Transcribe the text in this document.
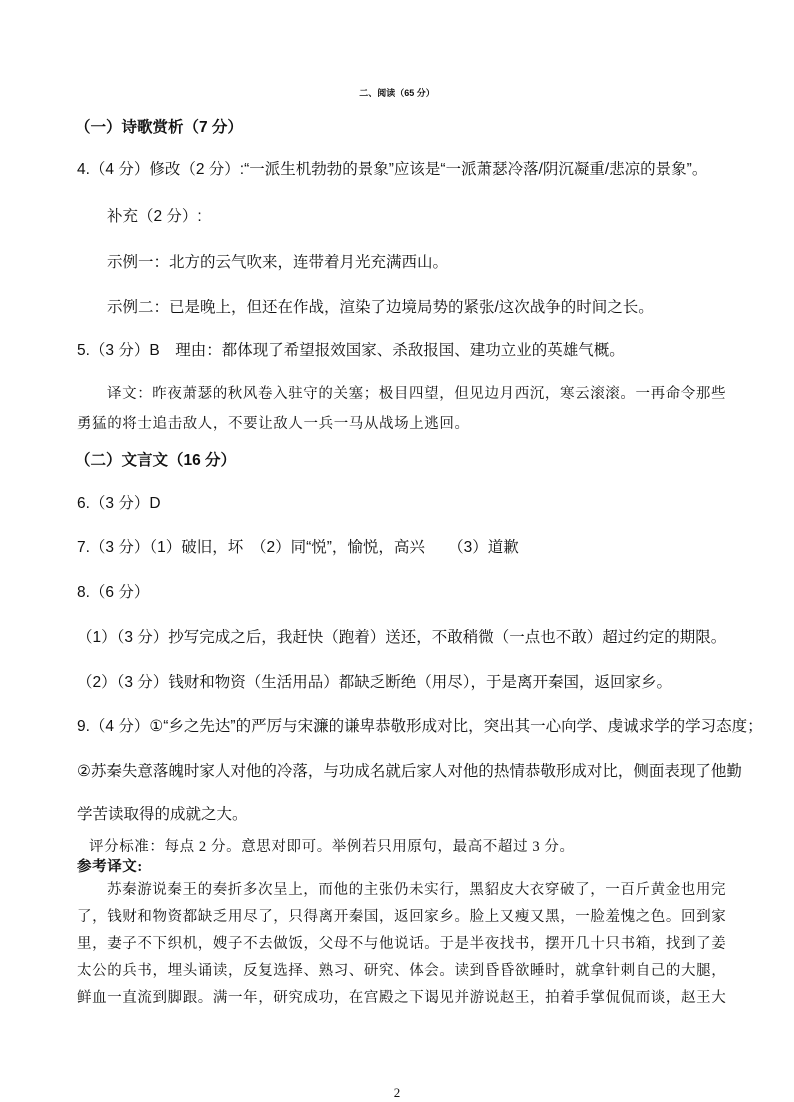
二、阅读（65 分）
（一）诗歌赏析（7 分）
4.（4 分）修改（2 分）:“一派生机勃勃的景象”应该是“一派萧瑟冷落/阴沉凝重/悲凉的景象”。
补充（2 分）:
示例一：北方的云气吹来，连带着月光充满西山。
示例二：已是晚上，但还在作战，渲染了边境局势的紧张/这次战争的时间之长。
5.（3 分）B　理由：都体现了希望报效国家、杀敌报国、建功立业的英雄气概。
译文：昨夜萧瑟的秋风卷入驻守的关塞；极目四望，但见边月西沉，寒云滚滚。一再命令那些
勇猛的将士追击敌人，不要让敌人一兵一马从战场上逃回。
（二）文言文（16 分）
6.（3 分）D
7.（3 分）（1）破旧，坏　（2）同“悦”，愉悦，高兴　　（3）道歉
8.（6 分）
（1）（3 分）抄写完成之后，我赶快（跑着）送还，不敢稍微（一点也不敢）超过约定的期限。
（2）（3 分）钱财和物资（生活用品）都缺乏断绝（用尽），于是离开秦国，返回家乡。
9.（4 分）①“乡之先达”的严厉与宋濂的谦卑恭敬形成对比，突出其一心向学、虔诚求学的学习态度；
②苏秦失意落魄时家人对他的冷落，与功成名就后家人对他的热情恭敬形成对比，侧面表现了他勤
学苦读取得的成就之大。
评分标准：每点 2 分。意思对即可。举例若只用原句，最高不超过 3 分。
参考译文:
苏秦游说秦王的奏折多次呈上，而他的主张仍未实行，黑貂皮大衣穿破了，一百斤黄金也用完
了，钱财和物资都缺乏用尽了，只得离开秦国，返回家乡。脸上又瘦又黑，一脸羞愧之色。回到家
里，妻子不下织机，嫂子不去做饭，父母不与他说话。于是半夜找书，摆开几十只书箱，找到了姜
太公的兵书，埋头诵读，反复选择、熟习、研究、体会。读到昏昏欲睡时，就拿针刺自己的大腿，
鲜血一直流到脚跟。满一年，研究成功，在宫殿之下谒见并游说赵王，拍着手掌侃侃而谈，赵王大
2
